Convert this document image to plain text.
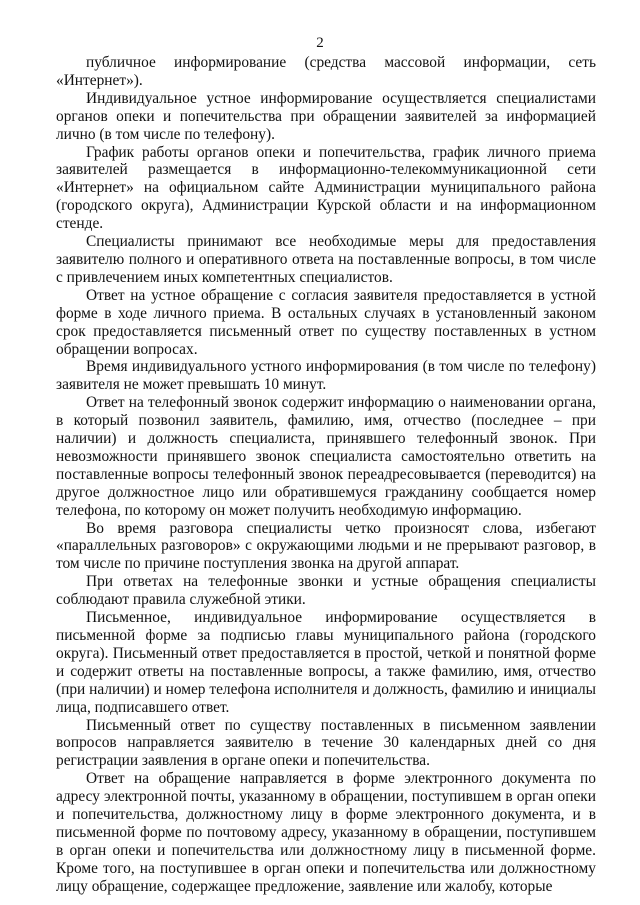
2

публичное информирование (средства массовой информации, сеть «Интернет»).

Индивидуальное устное информирование осуществляется специалистами органов опеки и попечительства при обращении заявителей за информацией лично (в том числе по телефону).

График работы органов опеки и попечительства, график личного приема заявителей размещается в информационно-телекоммуникационной сети «Интернет» на официальном сайте Администрации муниципального района (городского округа), Администрации Курской области и на информационном стенде.

Специалисты принимают все необходимые меры для предоставления заявителю полного и оперативного ответа на поставленные вопросы, в том числе с привлечением иных компетентных специалистов.

Ответ на устное обращение с согласия заявителя предоставляется в устной форме в ходе личного приема. В остальных случаях в установленный законом срок предоставляется письменный ответ по существу поставленных в устном обращении вопросах.

Время индивидуального устного информирования (в том числе по телефону) заявителя не может превышать 10 минут.

Ответ на телефонный звонок содержит информацию о наименовании органа, в который позвонил заявитель, фамилию, имя, отчество (последнее – при наличии) и должность специалиста, принявшего телефонный звонок. При невозможности принявшего звонок специалиста самостоятельно ответить на поставленные вопросы телефонный звонок переадресовывается (переводится) на другое должностное лицо или обратившемуся гражданину сообщается номер телефона, по которому он может получить необходимую информацию.

Во время разговора специалисты четко произносят слова, избегают «параллельных разговоров» с окружающими людьми и не прерывают разговор, в том числе по причине поступления звонка на другой аппарат.

При ответах на телефонные звонки и устные обращения специалисты соблюдают правила служебной этики.

Письменное, индивидуальное информирование осуществляется в письменной форме за подписью главы муниципального района (городского округа). Письменный ответ предоставляется в простой, четкой и понятной форме и содержит ответы на поставленные вопросы, а также фамилию, имя, отчество (при наличии) и номер телефона исполнителя и должность, фамилию и инициалы лица, подписавшего ответ.

Письменный ответ по существу поставленных в письменном заявлении вопросов направляется заявителю в течение 30 календарных дней со дня регистрации заявления в органе опеки и попечительства.

Ответ на обращение направляется в форме электронного документа по адресу электронной почты, указанному в обращении, поступившем в орган опеки и попечительства, должностному лицу в форме электронного документа, и в письменной форме по почтовому адресу, указанному в обращении, поступившем в орган опеки и попечительства или должностному лицу в письменной форме. Кроме того, на поступившее в орган опеки и попечительства или должностному лицу обращение, содержащее предложение, заявление или жалобу, которые
